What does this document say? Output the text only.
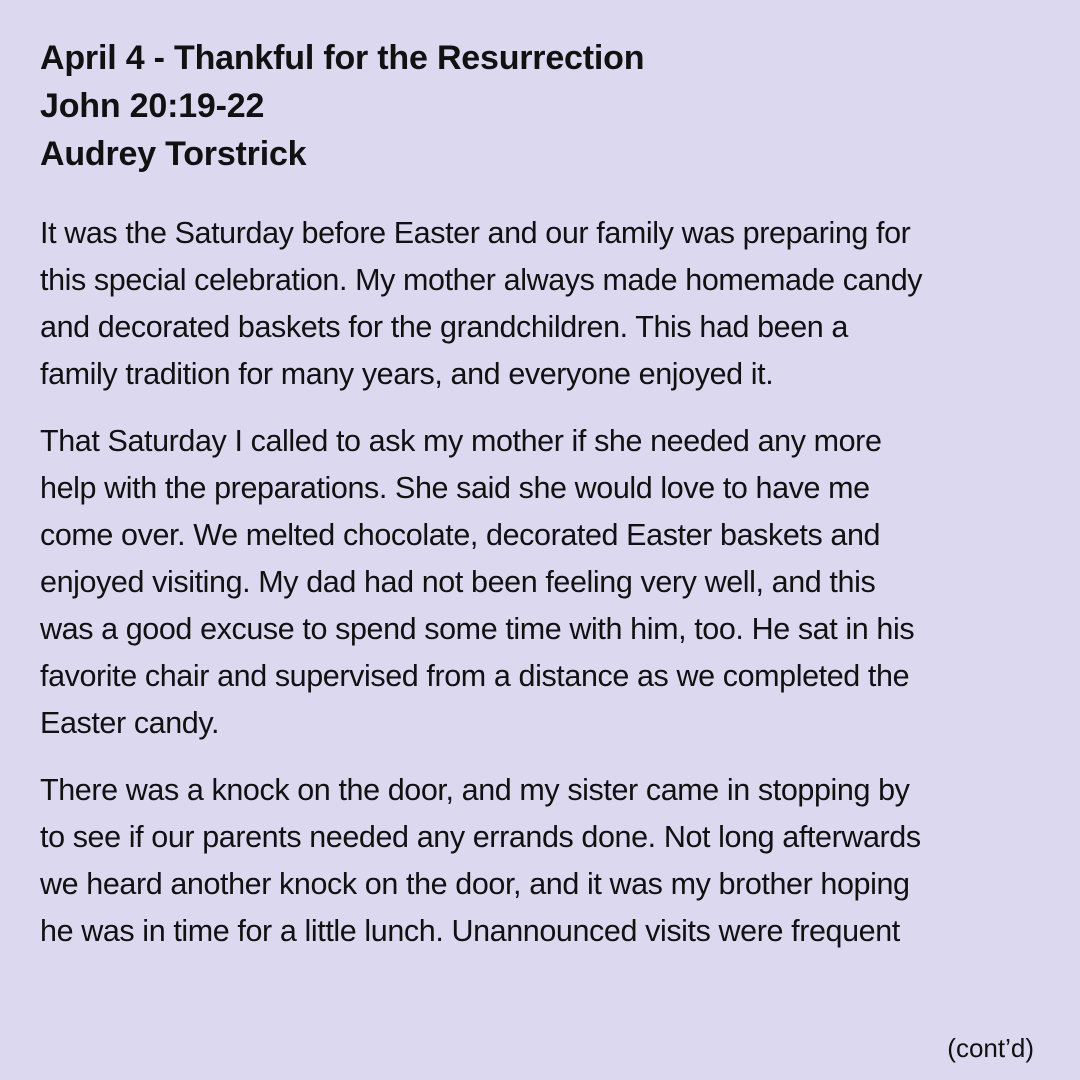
April 4 - Thankful for the Resurrection
John 20:19-22
Audrey Torstrick
It was the Saturday before Easter and our family was preparing for
this special celebration. My mother always made homemade candy
and decorated baskets for the grandchildren. This had been a
family tradition for many years, and everyone enjoyed it.
That Saturday I called to ask my mother if she needed any more
help with the preparations. She said she would love to have me
come over. We melted chocolate, decorated Easter baskets and
enjoyed visiting. My dad had not been feeling very well, and this
was a good excuse to spend some time with him, too. He sat in his
favorite chair and supervised from a distance as we completed the
Easter candy.
There was a knock on the door, and my sister came in stopping by
to see if our parents needed any errands done. Not long afterwards
we heard another knock on the door, and it was my brother hoping
he was in time for a little lunch. Unannounced visits were frequent
(cont’d)
